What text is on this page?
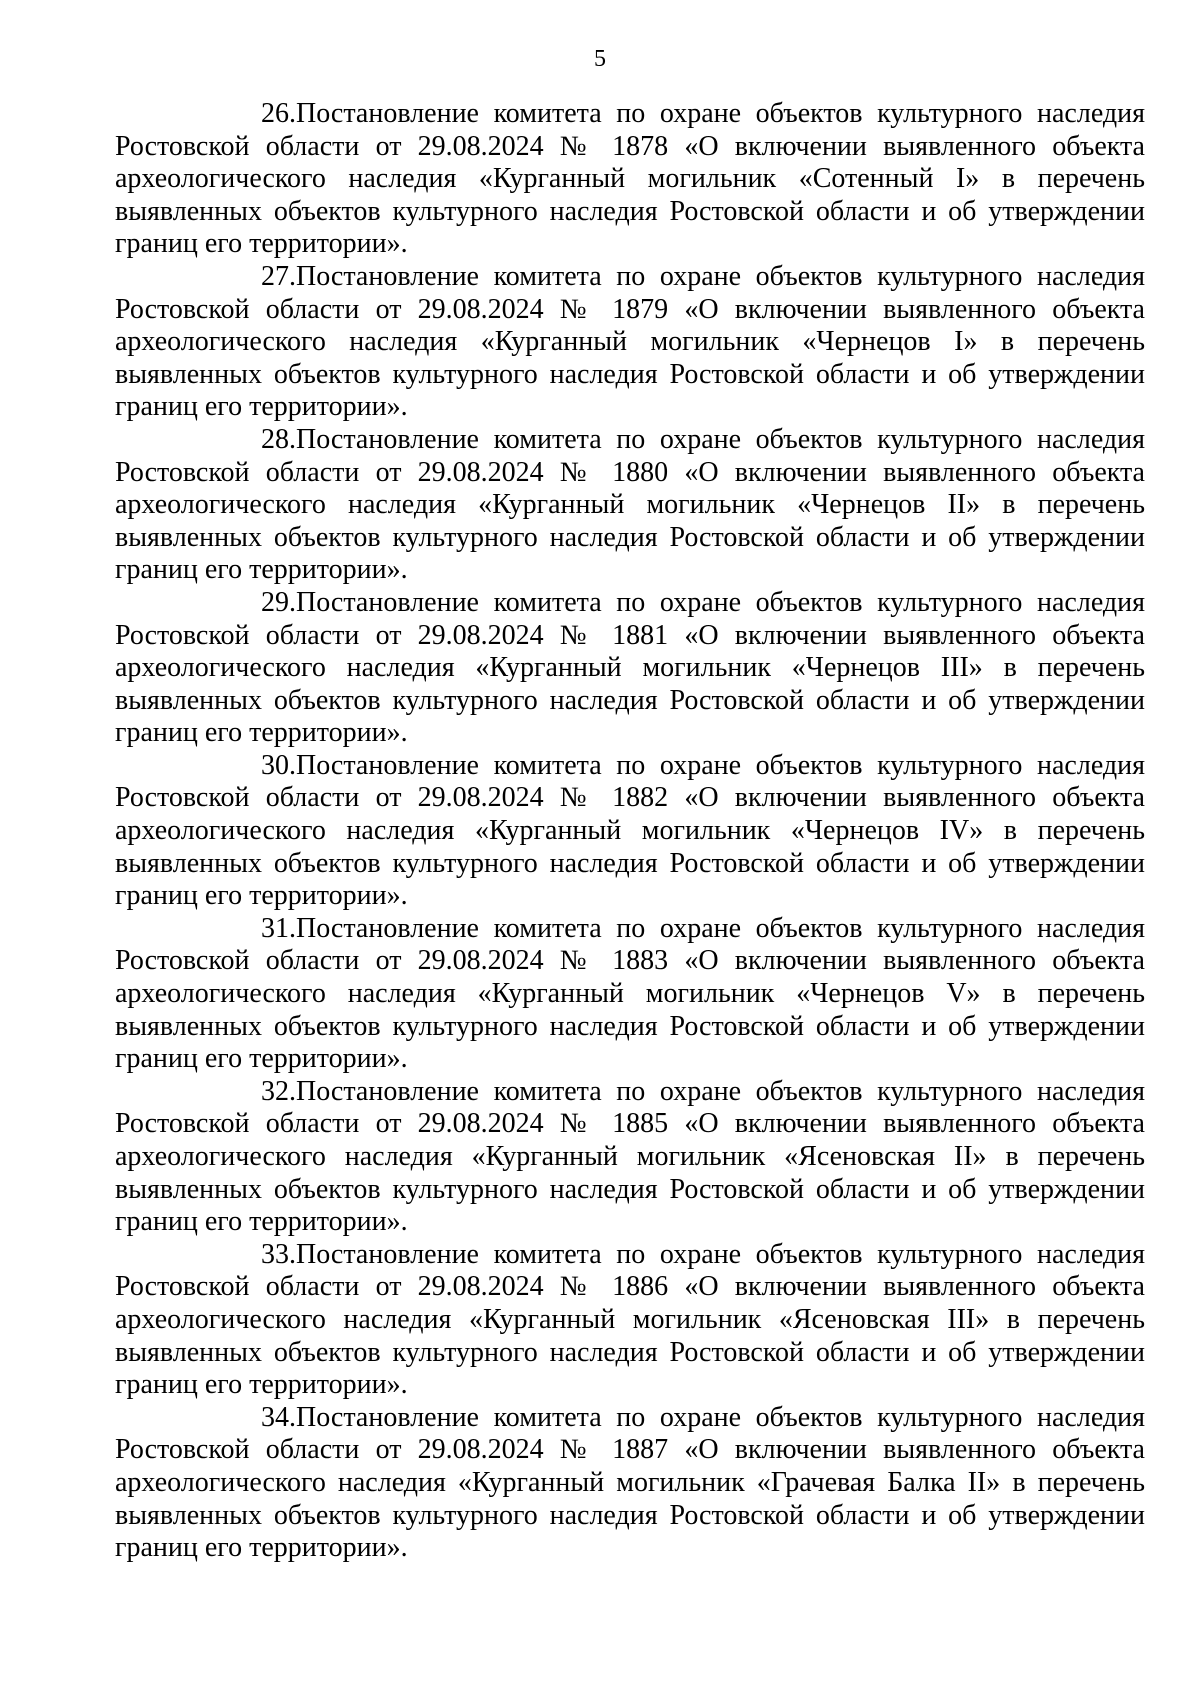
5

26.Постановление комитета по охране объектов культурного наследия Ростовской области от 29.08.2024 № 1878 «О включении выявленного объекта археологического наследия «Курганный могильник «Сотенный I» в перечень выявленных объектов культурного наследия Ростовской области и об утверждении границ его территории».

27.Постановление комитета по охране объектов культурного наследия Ростовской области от 29.08.2024 № 1879 «О включении выявленного объекта археологического наследия «Курганный могильник «Чернецов I» в перечень выявленных объектов культурного наследия Ростовской области и об утверждении границ его территории».

28.Постановление комитета по охране объектов культурного наследия Ростовской области от 29.08.2024 № 1880 «О включении выявленного объекта археологического наследия «Курганный могильник «Чернецов II» в перечень выявленных объектов культурного наследия Ростовской области и об утверждении границ его территории».

29.Постановление комитета по охране объектов культурного наследия Ростовской области от 29.08.2024 № 1881 «О включении выявленного объекта археологического наследия «Курганный могильник «Чернецов III» в перечень выявленных объектов культурного наследия Ростовской области и об утверждении границ его территории».

30.Постановление комитета по охране объектов культурного наследия Ростовской области от 29.08.2024 № 1882 «О включении выявленного объекта археологического наследия «Курганный могильник «Чернецов IV» в перечень выявленных объектов культурного наследия Ростовской области и об утверждении границ его территории».

31.Постановление комитета по охране объектов культурного наследия Ростовской области от 29.08.2024 № 1883 «О включении выявленного объекта археологического наследия «Курганный могильник «Чернецов V» в перечень выявленных объектов культурного наследия Ростовской области и об утверждении границ его территории».

32.Постановление комитета по охране объектов культурного наследия Ростовской области от 29.08.2024 № 1885 «О включении выявленного объекта археологического наследия «Курганный могильник «Ясеновская II» в перечень выявленных объектов культурного наследия Ростовской области и об утверждении границ его территории».

33.Постановление комитета по охране объектов культурного наследия Ростовской области от 29.08.2024 № 1886 «О включении выявленного объекта археологического наследия «Курганный могильник «Ясеновская III» в перечень выявленных объектов культурного наследия Ростовской области и об утверждении границ его территории».

34.Постановление комитета по охране объектов культурного наследия Ростовской области от 29.08.2024 № 1887 «О включении выявленного объекта археологического наследия «Курганный могильник «Грачевая Балка II» в перечень выявленных объектов культурного наследия Ростовской области и об утверждении границ его территории».
